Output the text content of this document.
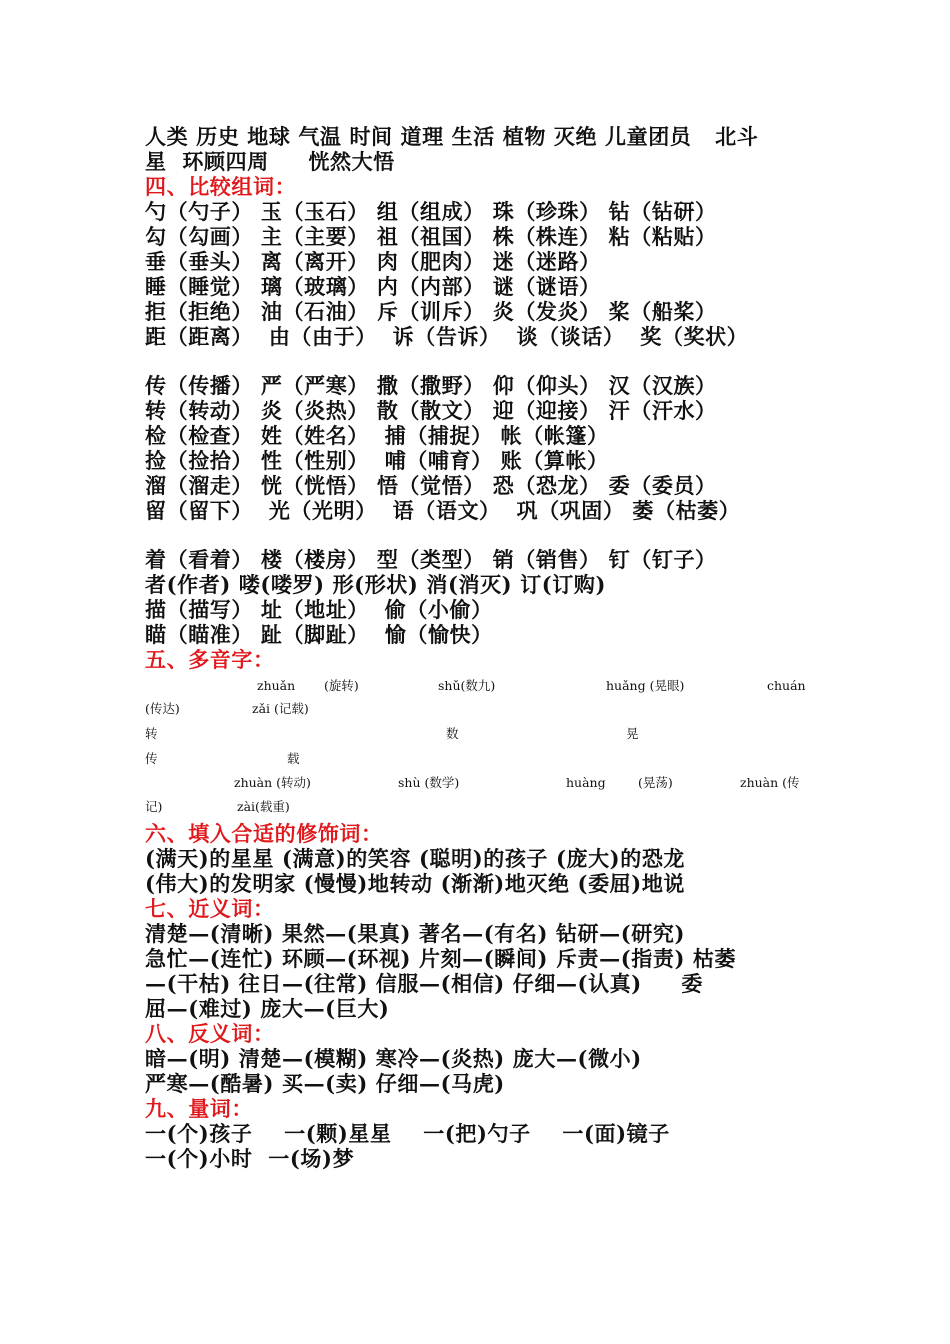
人类 历史 地球 气温 时间 道理 生活 植物 灭绝 儿童团员   北斗
星  环顾四周     恍然大悟
四、比较组词：
勺（勺子） 玉（玉石） 组（组成） 珠（珍珠） 钻（钻研）
勾（勾画） 主（主要） 祖（祖国） 株（株连） 粘（粘贴）
垂（垂头） 离（离开） 肉（肥肉） 迷（迷路）
睡（睡觉） 璃（玻璃） 内（内部） 谜（谜语）
拒（拒绝） 油（石油） 斥（训斥） 炎（发炎） 桨（船桨）
距（距离）  由（由于）  诉（告诉）  谈（谈话）  奖（奖状）
传（传播） 严（严寒） 撒（撒野） 仰（仰头） 汉（汉族）
转（转动） 炎（炎热） 散（散文） 迎（迎接） 汗（汗水）
检（检查） 姓（姓名）  捕（捕捉） 帐（帐篷）
捡（捡拾） 性（性别）  哺（哺育） 账（算帐）
溜（溜走） 恍（恍悟） 悟（觉悟） 恐（恐龙） 委（委员）
留（留下）  光（光明）  语（语文）  巩（巩固） 萎（枯萎）
着（看着） 楼（楼房） 型（类型） 销（销售） 钉（钉子）
者(作者) 喽(喽罗) 形(形状) 消(消灭) 订(订购)
描（描写） 址（地址）  偷（小偷）
瞄（瞄准） 趾（脚趾）  愉（愉快）
五、多音字：
zhuǎn (旋转)	shǔ(数九)	huǎng (晃眼)	chuán
(传达)	zǎi (记载)
转	数	晃
传	载
zhuàn (转动)	shù (数学)	huàng	(晃荡)	zhuàn (传
记)	zài(载重)
六、填入合适的修饰词：
(满天)的星星 (满意)的笑容 (聪明)的孩子 (庞大)的恐龙
(伟大)的发明家 (慢慢)地转动 (渐渐)地灭绝 (委屈)地说
七、近义词：
清楚—(清晰) 果然—(果真) 著名—(有名) 钻研—(研究)
急忙—(连忙) 环顾—(环视) 片刻—(瞬间) 斥责—(指责) 枯萎
—(干枯) 往日—(往常) 信服—(相信) 仔细—(认真)     委
屈—(难过) 庞大—(巨大)
八、反义词：
暗—(明) 清楚—(模糊) 寒冷—(炎热) 庞大—(微小)
严寒—(酷暑) 买—(卖) 仔细—(马虎)
九、量词：
一(个)孩子    一(颗)星星    一(把)勺子    一(面)镜子
一(个)小时  一(场)梦
